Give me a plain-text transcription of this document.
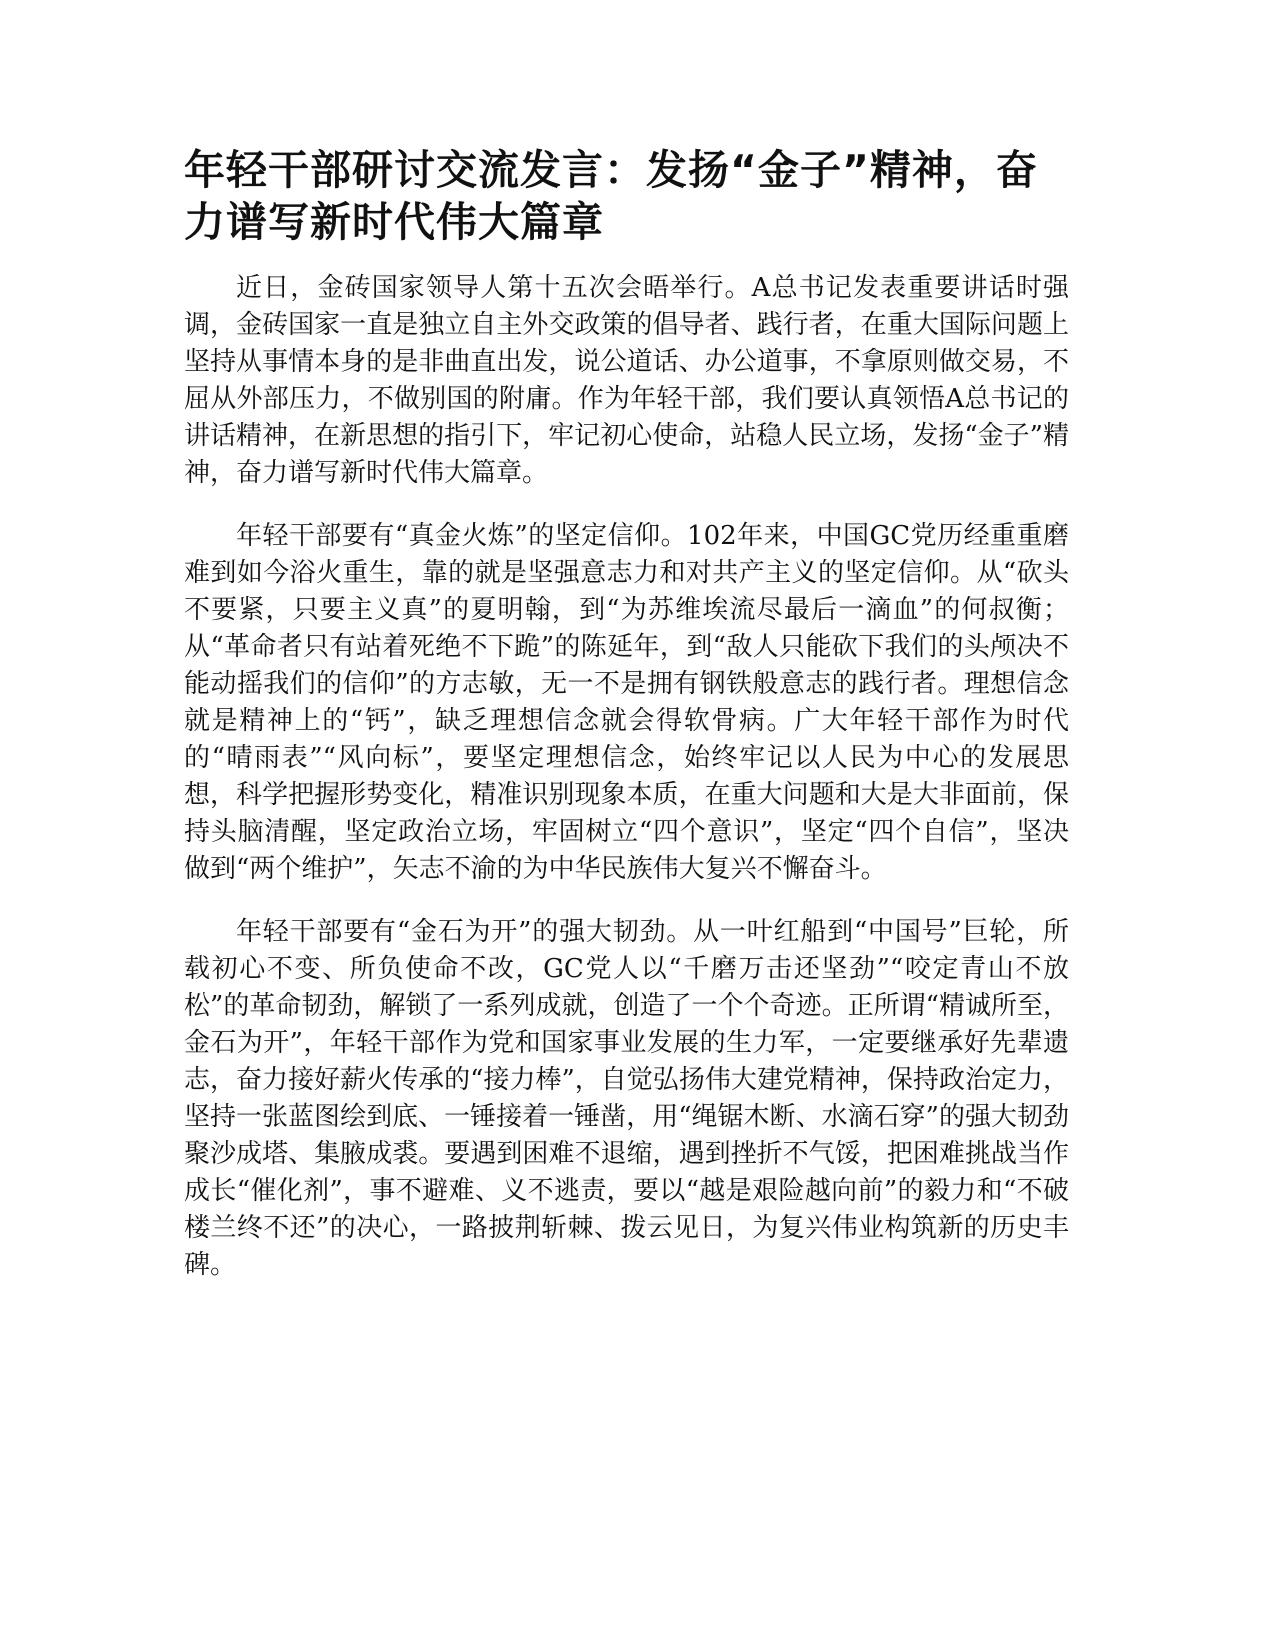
年轻干部研讨交流发言：发扬“金子”精神，奋力谱写新时代伟大篇章

近日，金砖国家领导人第十五次会晤举行。A总书记发表重要讲话时强调，金砖国家一直是独立自主外交政策的倡导者、践行者，在重大国际问题上坚持从事情本身的是非曲直出发，说公道话、办公道事，不拿原则做交易，不屈从外部压力，不做别国的附庸。作为年轻干部，我们要认真领悟A总书记的讲话精神，在新思想的指引下，牢记初心使命，站稳人民立场，发扬“金子”精神，奋力谱写新时代伟大篇章。

年轻干部要有“真金火炼”的坚定信仰。102年来，中国GC党历经重重磨难到如今浴火重生，靠的就是坚强意志力和对共产主义的坚定信仰。从“砍头不要紧，只要主义真”的夏明翰，到“为苏维埃流尽最后一滴血”的何叔衡；从“革命者只有站着死绝不下跪”的陈延年，到“敌人只能砍下我们的头颅决不能动摇我们的信仰”的方志敏，无一不是拥有钢铁般意志的践行者。理想信念就是精神上的“钙”，缺乏理想信念就会得软骨病。广大年轻干部作为时代的“晴雨表”“风向标”，要坚定理想信念，始终牢记以人民为中心的发展思想，科学把握形势变化，精准识别现象本质，在重大问题和大是大非面前，保持头脑清醒，坚定政治立场，牢固树立“四个意识”，坚定“四个自信”，坚决做到“两个维护”，矢志不渝的为中华民族伟大复兴不懈奋斗。

年轻干部要有“金石为开”的强大韧劲。从一叶红船到“中国号”巨轮，所载初心不变、所负使命不改，GC党人以“千磨万击还坚劲”“咬定青山不放松”的革命韧劲，解锁了一系列成就，创造了一个个奇迹。正所谓“精诚所至，金石为开”，年轻干部作为党和国家事业发展的生力军，一定要继承好先辈遗志，奋力接好薪火传承的“接力棒”，自觉弘扬伟大建党精神，保持政治定力，坚持一张蓝图绘到底、一锤接着一锤凿，用“绳锯木断、水滴石穿”的强大韧劲聚沙成塔、集腋成裘。要遇到困难不退缩，遇到挫折不气馁，把困难挑战当作成长“催化剂”，事不避难、义不逃责，要以“越是艰险越向前”的毅力和“不破楼兰终不还”的决心，一路披荆斩棘、拨云见日，为复兴伟业构筑新的历史丰碑。
